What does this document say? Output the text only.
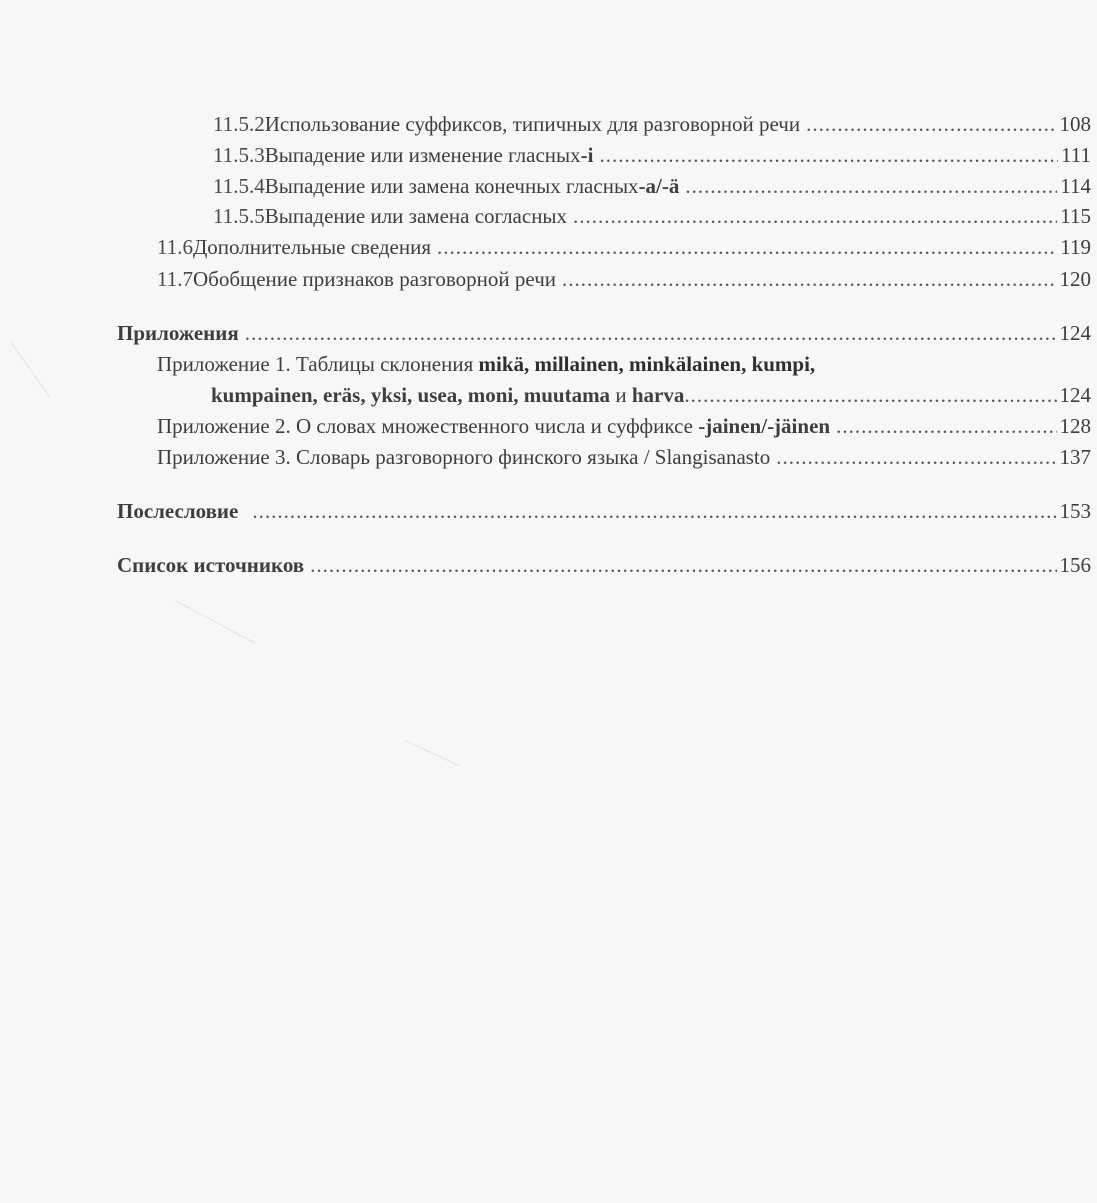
11.5.2 Использование суффиксов, типичных для разговорной речи .....	108
11.5.3 Выпадение или изменение гласных -i .....	111
11.5.4 Выпадение или замена конечных гласных -a/-ä .....	114
11.5.5 Выпадение или замена согласных .....	115
11.6 Дополнительные сведения .....	119
11.7 Обобщение признаков разговорной речи .....	120
Приложения .....	124
Приложение 1. Таблицы склонения mikä, millainen, minkälainen, kumpi,
kumpainen, eräs, yksi, usea, moni, muutama и harva .....	124
Приложение 2. О словах множественного числа и суффиксе -jainen/-jäinen .....	128
Приложение 3. Словарь разговорного финского языка / Slangisanasto .....	137
Послесловие .....	153
Список источников .....	156
